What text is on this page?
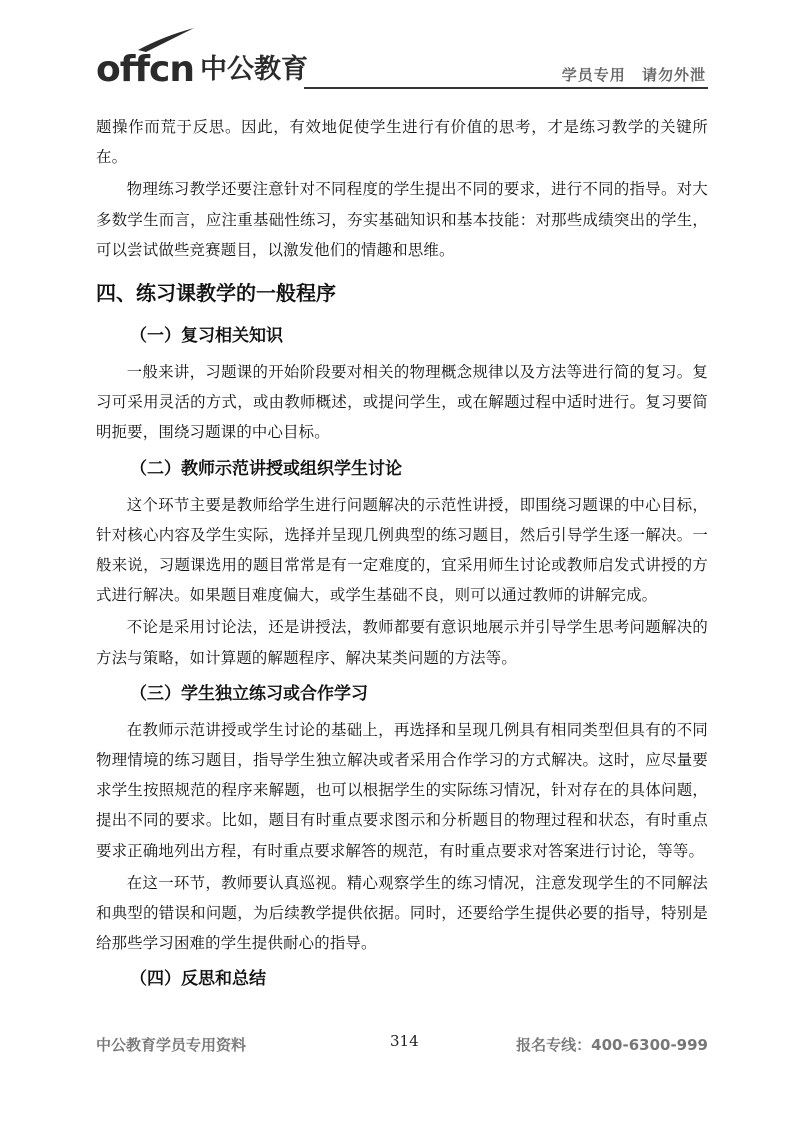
offcn 中公教育	学员专用 请勿外泄

题操作而荒于反思。因此，有效地促使学生进行有价值的思考，才是练习教学的关键所在。

物理练习教学还要注意针对不同程度的学生提出不同的要求，进行不同的指导。对大多数学生而言，应注重基础性练习，夯实基础知识和基本技能：对那些成绩突出的学生，可以尝试做些竞赛题目，以激发他们的情趣和思维。

四、练习课教学的一般程序
（一）复习相关知识

一般来讲，习题课的开始阶段要对相关的物理概念规律以及方法等进行简的复习。复习可采用灵活的方式，或由教师概述，或提问学生，或在解题过程中适时进行。复习要简明扼要，围绕习题课的中心目标。

（二）教师示范讲授或组织学生讨论

这个环节主要是教师给学生进行问题解决的示范性讲授，即围绕习题课的中心目标，针对核心内容及学生实际，选择并呈现几例典型的练习题目，然后引导学生逐一解决。一般来说，习题课选用的题目常常是有一定难度的，宜采用师生讨论或教师启发式讲授的方式进行解决。如果题目难度偏大，或学生基础不良，则可以通过教师的讲解完成。

不论是采用讨论法，还是讲授法，教师都要有意识地展示并引导学生思考问题解决的方法与策略，如计算题的解题程序、解决某类问题的方法等。

（三）学生独立练习或合作学习

在教师示范讲授或学生讨论的基础上，再选择和呈现几例具有相同类型但具有的不同物理情境的练习题目，指导学生独立解决或者采用合作学习的方式解决。这时，应尽量要求学生按照规范的程序来解题，也可以根据学生的实际练习情况，针对存在的具体问题，提出不同的要求。比如，题目有时重点要求图示和分析题目的物理过程和状态，有时重点要求正确地列出方程，有时重点要求解答的规范，有时重点要求对答案进行讨论，等等。

在这一环节，教师要认真巡视。精心观察学生的练习情况，注意发现学生的不同解法和典型的错误和问题，为后续教学提供依据。同时，还要给学生提供必要的指导，特别是给那些学习困难的学生提供耐心的指导。

（四）反思和总结
中公教育学员专用资料	314	报名专线：400-6300-999
